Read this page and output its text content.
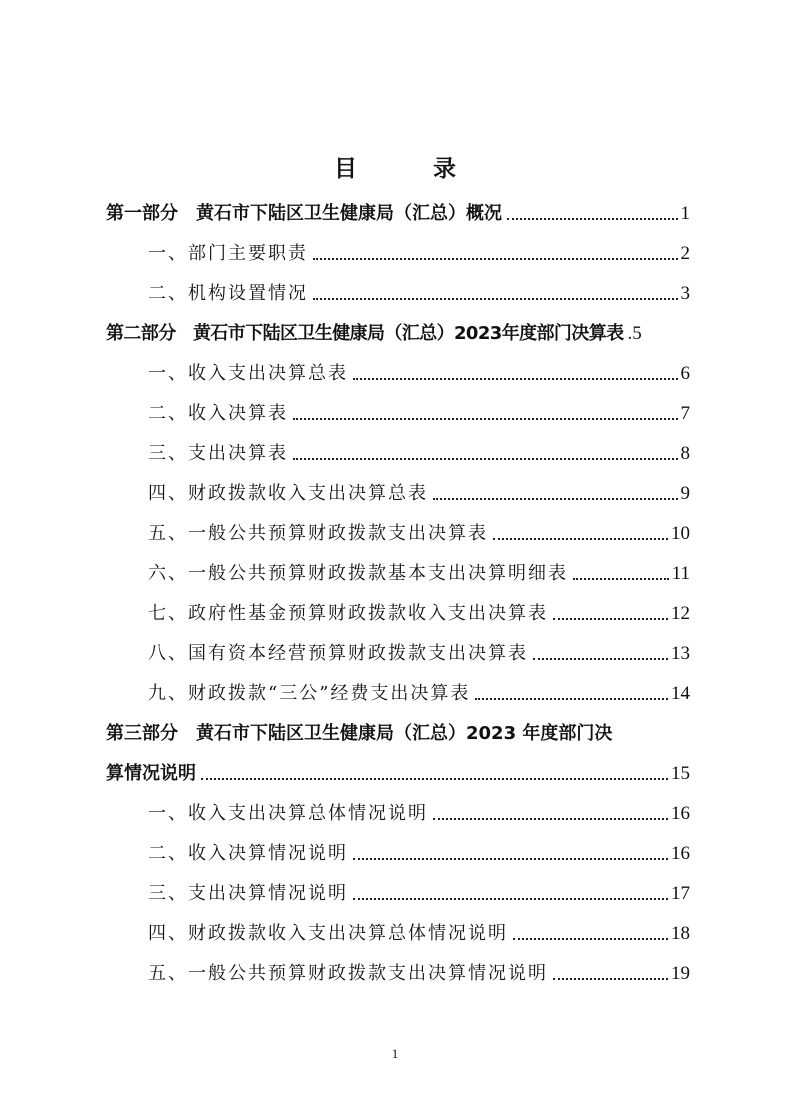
目 录
第一部分　黄石市下陆区卫生健康局（汇总）概况	1
一、部门主要职责	2
二、机构设置情况	3
第二部分　黄石市下陆区卫生健康局（汇总）2023年度部门决算表 .5
一、收入支出决算总表	6
二、收入决算表	7
三、支出决算表	8
四、财政拨款收入支出决算总表	9
五、一般公共预算财政拨款支出决算表	10
六、一般公共预算财政拨款基本支出决算明细表	11
七、政府性基金预算财政拨款收入支出决算表	12
八、国有资本经营预算财政拨款支出决算表	13
九、财政拨款“三公”经费支出决算表	14
第三部分　黄石市下陆区卫生健康局（汇总）2023 年度部门决
算情况说明	15
一、收入支出决算总体情况说明	16
二、收入决算情况说明	16
三、支出决算情况说明	17
四、财政拨款收入支出决算总体情况说明	18
五、一般公共预算财政拨款支出决算情况说明	19
1
